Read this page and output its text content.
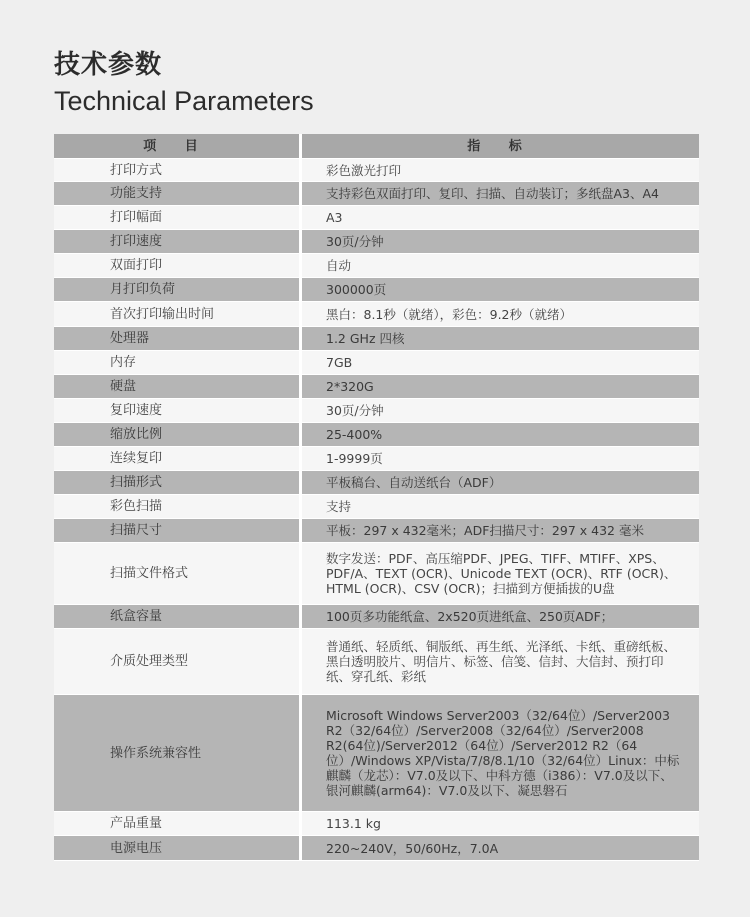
技术参数
Technical Parameters
项 目	指 标
打印方式	彩色激光打印
功能支持	支持彩色双面打印、复印、扫描、自动装订；多纸盘A3、A4
打印幅面	A3
打印速度	30页/分钟
双面打印	自动
月打印负荷	300000页
首次打印输出时间	黑白：8.1秒（就绪），彩色：9.2秒（就绪）
处理器	1.2 GHz 四核
内存	7GB
硬盘	2*320G
复印速度	30页/分钟
缩放比例	25-400%
连续复印	1-9999页
扫描形式	平板稿台、自动送纸台（ADF）
彩色扫描	支持
扫描尺寸	平板：297 x 432毫米；ADF扫描尺寸：297 x 432 毫米
扫描文件格式	数字发送：PDF、高压缩PDF、JPEG、TIFF、MTIFF、XPS、PDF/A、TEXT (OCR)、Unicode TEXT (OCR)、RTF (OCR)、HTML (OCR)、CSV (OCR)；扫描到方便插拔的U盘
纸盒容量	100页多功能纸盒、2x520页进纸盒、250页ADF；
介质处理类型	普通纸、轻质纸、铜版纸、再生纸、光泽纸、卡纸、重磅纸板、黑白透明胶片、明信片、标签、信笺、信封、大信封、预打印纸、穿孔纸、彩纸
操作系统兼容性	Microsoft Windows Server2003（32/64位）/Server2003 R2（32/64位）/Server2008（32/64位）/Server2008 R2(64位)/Server2012（64位）/Server2012 R2（64位）/Windows XP/Vista/7/8/8.1/10（32/64位）Linux：中标麒麟（龙芯）：V7.0及以下、中科方德（i386）：V7.0及以下、银河麒麟(arm64)：V7.0及以下、凝思磐石
产品重量	113.1 kg
电源电压	220~240V，50/60Hz，7.0A
